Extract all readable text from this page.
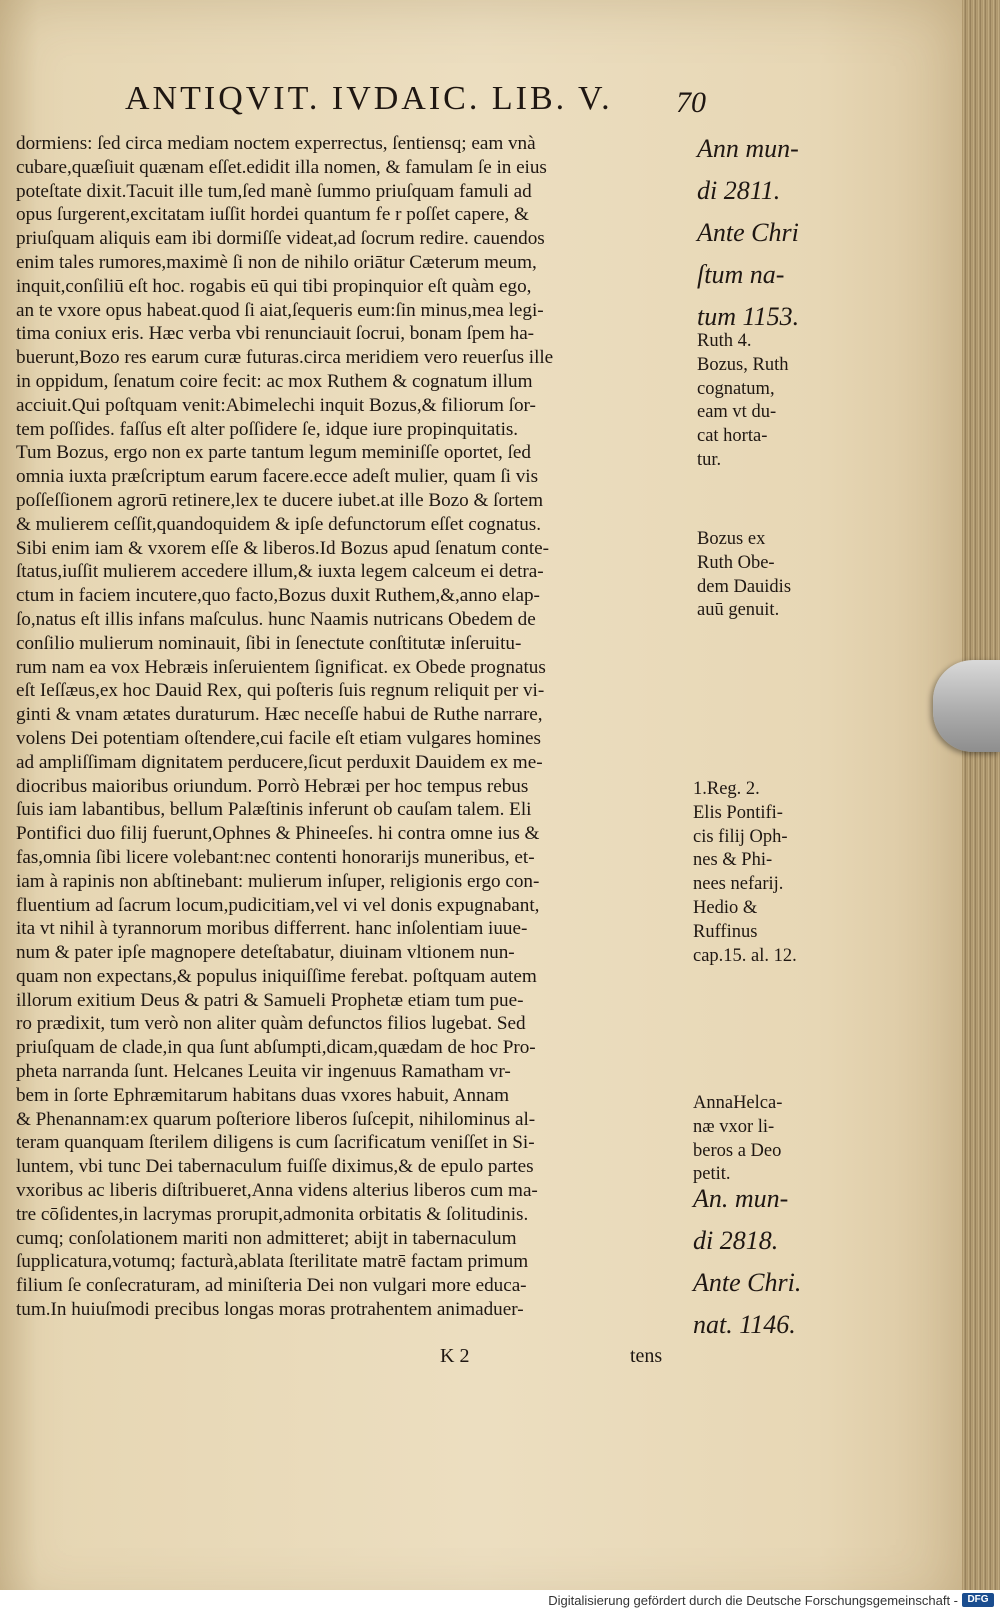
ANTIQVIT. IVDAIC. LIB. V.	70

dormiens: ſed circa mediam noctem experrectus, ſentiensq; eam vnà
cubare,quæſiuit quænam eſſet.edidit illa nomen, & famulam ſe in eius
poteſtate dixit.Tacuit ille tum,ſed manè ſummo priuſquam famuli ad
opus ſurgerent,excitatam iuſſit hordei quantum fe r poſſet capere, &
priuſquam aliquis eam ibi dormiſſe videat,ad ſocrum redire. cauendos
enim tales rumores,maximè ſi non de nihilo oriātur Cæterum meum,
inquit,conſiliū eſt hoc. rogabis eū qui tibi propinquior eſt quàm ego,
an te vxore opus habeat.quod ſi aiat,ſequeris eum:ſin minus,mea legi-
tima coniux eris. Hæc verba vbi renunciauit ſocrui, bonam ſpem ha-
buerunt,Bozo res earum curæ futuras.circa meridiem vero reuerſus ille
in oppidum, ſenatum coire fecit: ac mox Ruthem & cognatum illum
acciuit.Qui poſtquam venit:Abimelechi inquit Bozus,& filiorum ſor-
tem poſſides. faſſus eſt alter poſſidere ſe, idque iure propinquitatis.
Tum Bozus, ergo non ex parte tantum legum meminiſſe oportet, ſed
omnia iuxta præſcriptum earum facere.ecce adeſt mulier, quam ſi vis
poſſeſſionem agrorū retinere,lex te ducere iubet.at ille Bozo & ſortem
& mulierem ceſſit,quandoquidem & ipſe defunctorum eſſet cognatus.
Sibi enim iam & vxorem eſſe & liberos.Id Bozus apud ſenatum conte-
ſtatus,iuſſit mulierem accedere illum,& iuxta legem calceum ei detra-
ctum in faciem incutere,quo facto,Bozus duxit Ruthem,&,anno elap-
ſo,natus eſt illis infans maſculus. hunc Naamis nutricans Obedem de
conſilio mulierum nominauit, ſibi in ſenectute conſtitutæ inſeruitu-
rum nam ea vox Hebræis inſeruientem ſignificat. ex Obede prognatus
eſt Ieſſæus,ex hoc Dauid Rex, qui poſteris ſuis regnum reliquit per vi-
ginti & vnam ætates duraturum. Hæc neceſſe habui de Ruthe narrare,
volens Dei potentiam oſtendere,cui facile eſt etiam vulgares homines
ad ampliſſimam dignitatem perducere,ſicut perduxit Dauidem ex me-
diocribus maioribus oriundum. Porrò Hebræi per hoc tempus rebus
ſuis iam labantibus, bellum Palæſtinis inferunt ob cauſam talem. Eli
Pontifici duo filij fuerunt,Ophnes & Phineeſes. hi contra omne ius &
fas,omnia ſibi licere volebant:nec contenti honorarijs muneribus, et-
iam à rapinis non abſtinebant: mulierum inſuper, religionis ergo con-
fluentium ad ſacrum locum,pudicitiam,vel vi vel donis expugnabant,
ita vt nihil à tyrannorum moribus differrent. hanc inſolentiam iuue-
num & pater ipſe magnopere deteſtabatur, diuinam vltionem nun-
quam non expectans,& populus iniquiſſime ferebat. poſtquam autem
illorum exitium Deus & patri & Samueli Prophetæ etiam tum pue-
ro prædixit, tum verò non aliter quàm defunctos filios lugebat. Sed
priuſquam de clade,in qua ſunt abſumpti,dicam,quædam de hoc Pro-
pheta narranda ſunt. Helcanes Leuita vir ingenuus Ramatham vr-
bem in ſorte Ephræmitarum habitans duas vxores habuit, Annam
& Phenannam:ex quarum poſteriore liberos ſuſcepit, nihilominus al-
teram quanquam ſterilem diligens is cum ſacrificatum veniſſet in Si-
luntem, vbi tunc Dei tabernaculum fuiſſe diximus,& de epulo partes
vxoribus ac liberis diſtribueret,Anna videns alterius liberos cum ma-
tre cōſidentes,in lacrymas prorupit,admonita orbitatis & ſolitudinis.
cumq; conſolationem mariti non admitteret; abijt in tabernaculum
ſupplicatura,votumq; facturà,ablata ſterilitate matrē factam primum
filium ſe conſecraturam, ad miniſteria Dei non vulgari more educa-
tum.In huiuſmodi precibus longas moras protrahentem animaduer-
Ann mun-
di 2811.
Ante Chri
ſtum na-
tum 1153.
Ruth 4.
Bozus, Ruth
cognatum,
eam vt du-
cat horta-
tur.
Bozus ex
Ruth Obe-
dem Dauidis
auū genuit.
1.Reg. 2.
Elis Pontifi-
cis filij Oph-
nes & Phi-
nees nefarij.
Hedio &
Ruffinus
cap.15. al. 12.
AnnaHelca-
næ vxor li-
beros a Deo
petit.
An. mun-
di 2818.
Ante Chri.
nat. 1146.
K 2	tens
Digitalisierung gefördert durch die Deutsche Forschungsgemeinschaft - DFG
